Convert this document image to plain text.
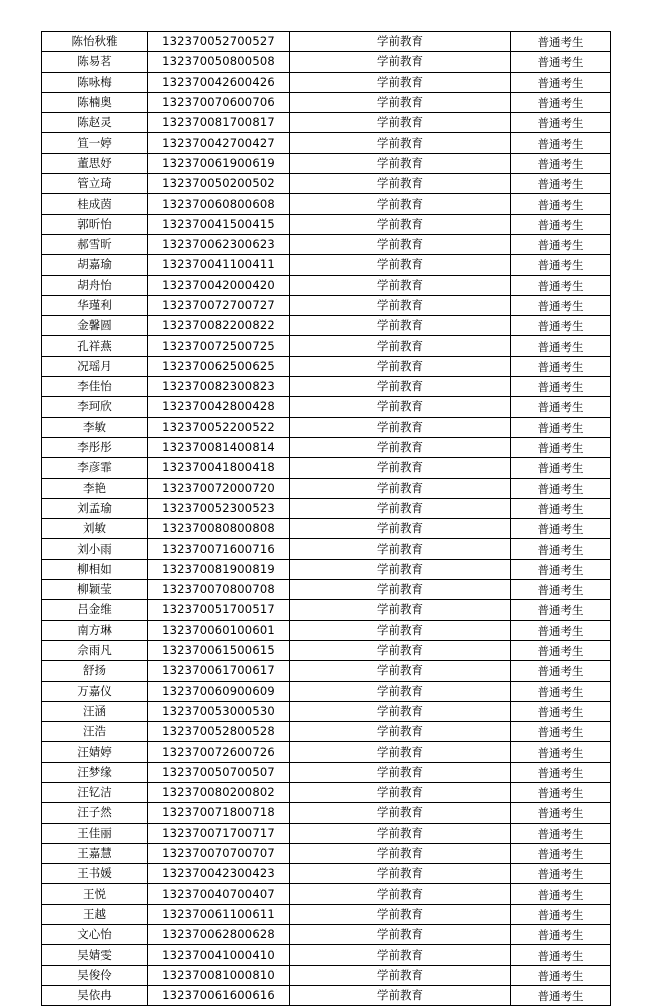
陈怡秋雅	132370052700527	学前教育	普通考生
陈易茗	132370050800508	学前教育	普通考生
陈咏梅	132370042600426	学前教育	普通考生
陈楠奥	132370070600706	学前教育	普通考生
陈赵灵	132370081700817	学前教育	普通考生
笪一婷	132370042700427	学前教育	普通考生
董思妤	132370061900619	学前教育	普通考生
管立琦	132370050200502	学前教育	普通考生
桂成茵	132370060800608	学前教育	普通考生
郭昕怡	132370041500415	学前教育	普通考生
郝雪昕	132370062300623	学前教育	普通考生
胡嘉瑜	132370041100411	学前教育	普通考生
胡舟怡	132370042000420	学前教育	普通考生
华瑾利	132370072700727	学前教育	普通考生
金馨圆	132370082200822	学前教育	普通考生
孔祥燕	132370072500725	学前教育	普通考生
况瑶月	132370062500625	学前教育	普通考生
李佳怡	132370082300823	学前教育	普通考生
李珂欣	132370042800428	学前教育	普通考生
李敏	132370052200522	学前教育	普通考生
李彤彤	132370081400814	学前教育	普通考生
李彦霏	132370041800418	学前教育	普通考生
李艳	132370072000720	学前教育	普通考生
刘孟瑜	132370052300523	学前教育	普通考生
刘敏	132370080800808	学前教育	普通考生
刘小雨	132370071600716	学前教育	普通考生
柳相如	132370081900819	学前教育	普通考生
柳颖莹	132370070800708	学前教育	普通考生
吕金维	132370051700517	学前教育	普通考生
南方琳	132370060100601	学前教育	普通考生
佘雨凡	132370061500615	学前教育	普通考生
舒扬	132370061700617	学前教育	普通考生
万嘉仪	132370060900609	学前教育	普通考生
汪涵	132370053000530	学前教育	普通考生
汪浩	132370052800528	学前教育	普通考生
汪婧婷	132370072600726	学前教育	普通考生
汪梦缘	132370050700507	学前教育	普通考生
汪钇洁	132370080200802	学前教育	普通考生
汪子然	132370071800718	学前教育	普通考生
王佳丽	132370071700717	学前教育	普通考生
王嘉慧	132370070700707	学前教育	普通考生
王书媛	132370042300423	学前教育	普通考生
王悦	132370040700407	学前教育	普通考生
王越	132370061100611	学前教育	普通考生
文心怡	132370062800628	学前教育	普通考生
吴婧雯	132370041000410	学前教育	普通考生
吴俊伶	132370081000810	学前教育	普通考生
吴依冉	132370061600616	学前教育	普通考生
